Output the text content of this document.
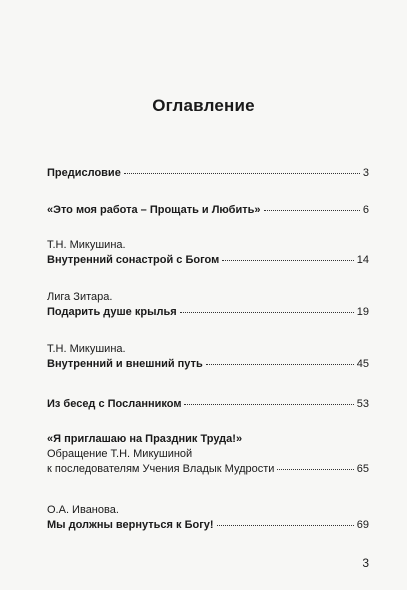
Оглавление
Предисловие	3
«Это моя работа – Прощать и Любить»	6
Т.Н. Микушина.
Внутренний сонастрой с Богом	14
Лига Зитара.
Подарить душе крылья	19
Т.Н. Микушина.
Внутренний и внешний путь	45
Из бесед с Посланником	53
«Я приглашаю на Праздник Труда!»
Обращение Т.Н. Микушиной
к последователям Учения Владык Мудрости	65
О.А. Иванова.
Мы должны вернуться к Богу!	69
3
